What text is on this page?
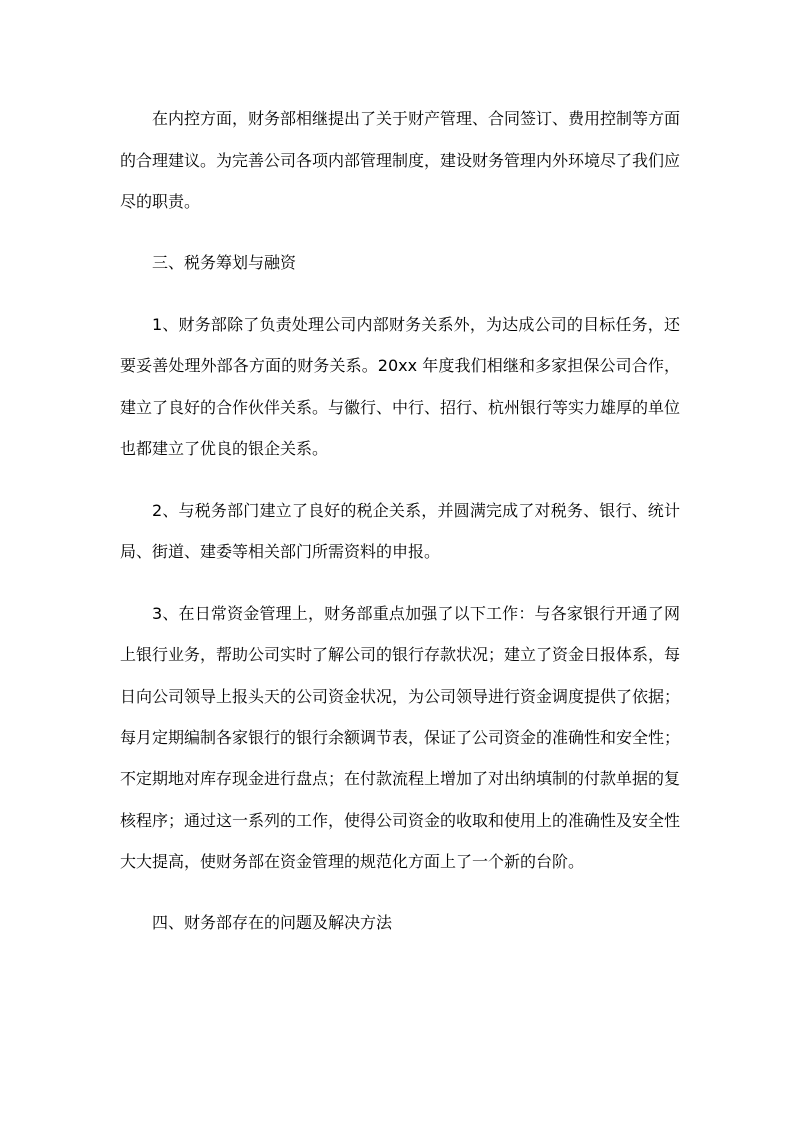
在内控方面，财务部相继提出了关于财产管理、合同签订、费用控制等方面
的合理建议。为完善公司各项内部管理制度，建设财务管理内外环境尽了我们应
尽的职责。
三、税务筹划与融资
1、财务部除了负责处理公司内部财务关系外，为达成公司的目标任务，还
要妥善处理外部各方面的财务关系。20xx 年度我们相继和多家担保公司合作，
建立了良好的合作伙伴关系。与徽行、中行、招行、杭州银行等实力雄厚的单位
也都建立了优良的银企关系。
2、与税务部门建立了良好的税企关系，并圆满完成了对税务、银行、统计
局、街道、建委等相关部门所需资料的申报。
3、在日常资金管理上，财务部重点加强了以下工作：与各家银行开通了网
上银行业务，帮助公司实时了解公司的银行存款状况；建立了资金日报体系，每
日向公司领导上报头天的公司资金状况，为公司领导进行资金调度提供了依据；
每月定期编制各家银行的银行余额调节表，保证了公司资金的准确性和安全性；
不定期地对库存现金进行盘点；在付款流程上增加了对出纳填制的付款单据的复
核程序；通过这一系列的工作，使得公司资金的收取和使用上的准确性及安全性
大大提高，使财务部在资金管理的规范化方面上了一个新的台阶。
四、财务部存在的问题及解决方法
